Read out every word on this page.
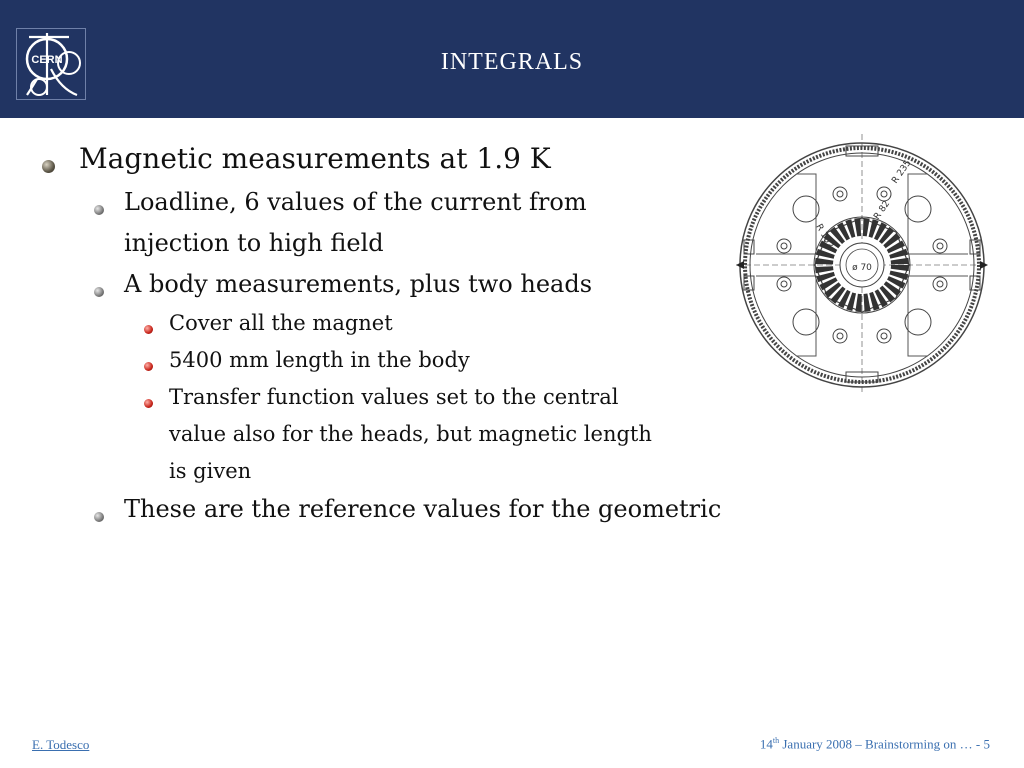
CERN	integrals
Magnetic measurements at 1.9 K
Loadline, 6 values of the current from
injection to high field
A body measurements, plus two heads
Cover all the magnet
5400 mm length in the body
Transfer function values set to the central
value also for the heads, but magnetic length
is given
These are the reference values for the geometric
ø 70
R 102
R 82
R 235
E. Todesco	14th January 2008 – Brainstorming on … - 5
